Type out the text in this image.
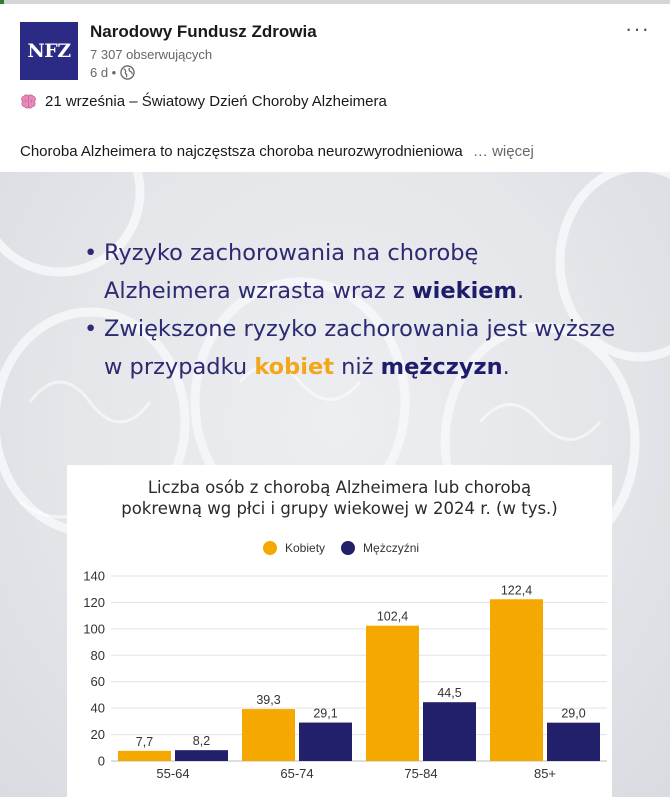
NFZ
Narodowy Fundusz Zdrowia
7 307 obserwujących
6 d •
···
21 września – Światowy Dzień Choroby Alzheimera
Choroba Alzheimera to najczęstsza choroba neurozwyrodnieniowa … więcej
• Ryzyko zachorowania na chorobę
Alzheimera wzrasta wraz z wiekiem.
• Zwiększone ryzyko zachorowania jest wyższe
w przypadku kobiet niż mężczyzn.
Liczba osób z chorobą Alzheimera lub chorobą
pokrewną wg płci i grupy wiekowej w 2024 r. (w tys.)
Kobiety	Mężczyźni
0
20
40
60
80
100
120
140
7,7	8,2
55-64
39,3
29,1
65-74
102,4
44,5
75-84
122,4
29,0
85+
